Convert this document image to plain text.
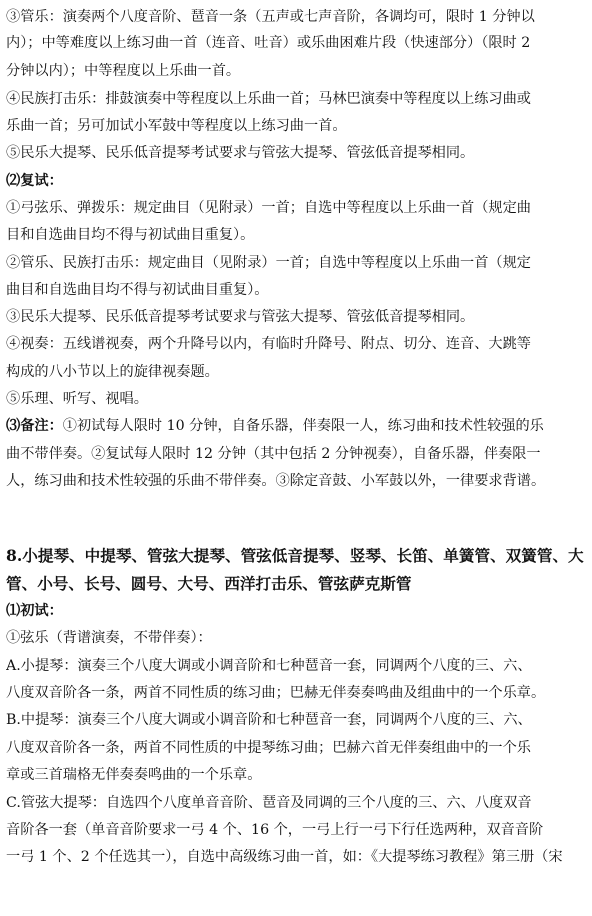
③管乐：演奏两个八度音阶、琶音一条（五声或七声音阶，各调均可，限时 1 分钟以
内）；中等难度以上练习曲一首（连音、吐音）或乐曲困难片段（快速部分）（限时 2
分钟以内）；中等程度以上乐曲一首。
④民族打击乐：排鼓演奏中等程度以上乐曲一首；马林巴演奏中等程度以上练习曲或
乐曲一首；另可加试小军鼓中等程度以上练习曲一首。
⑤民乐大提琴、民乐低音提琴考试要求与管弦大提琴、管弦低音提琴相同。
⑵复试：
①弓弦乐、弹拨乐：规定曲目（见附录）一首；自选中等程度以上乐曲一首（规定曲
目和自选曲目均不得与初试曲目重复）。
②管乐、民族打击乐：规定曲目（见附录）一首；自选中等程度以上乐曲一首（规定
曲目和自选曲目均不得与初试曲目重复）。
③民乐大提琴、民乐低音提琴考试要求与管弦大提琴、管弦低音提琴相同。
④视奏：五线谱视奏，两个升降号以内，有临时升降号、附点、切分、连音、大跳等
构成的八小节以上的旋律视奏题。
⑤乐理、听写、视唱。
⑶备注：①初试每人限时 10 分钟，自备乐器，伴奏限一人，练习曲和技术性较强的乐
曲不带伴奏。②复试每人限时 12 分钟（其中包括 2 分钟视奏），自备乐器，伴奏限一
人，练习曲和技术性较强的乐曲不带伴奏。③除定音鼓、小军鼓以外，一律要求背谱。
8.小提琴、中提琴、管弦大提琴、管弦低音提琴、竖琴、长笛、单簧管、双簧管、大
管、小号、长号、圆号、大号、西洋打击乐、管弦萨克斯管
⑴初试：
①弦乐（背谱演奏，不带伴奏）：
A.小提琴：演奏三个八度大调或小调音阶和七种琶音一套，同调两个八度的三、六、
八度双音阶各一条，两首不同性质的练习曲；巴赫无伴奏奏鸣曲及组曲中的一个乐章。
B.中提琴：演奏三个八度大调或小调音阶和七种琶音一套，同调两个八度的三、六、
八度双音阶各一条，两首不同性质的中提琴练习曲；巴赫六首无伴奏组曲中的一个乐
章或三首瑞格无伴奏奏鸣曲的一个乐章。
C.管弦大提琴：自选四个八度单音音阶、琶音及同调的三个八度的三、六、八度双音
音阶各一套（单音音阶要求一弓 4 个、16 个，一弓上行一弓下行任选两种，双音音阶
一弓 1 个、2 个任选其一），自选中高级练习曲一首，如：《大提琴练习教程》第三册（宋
